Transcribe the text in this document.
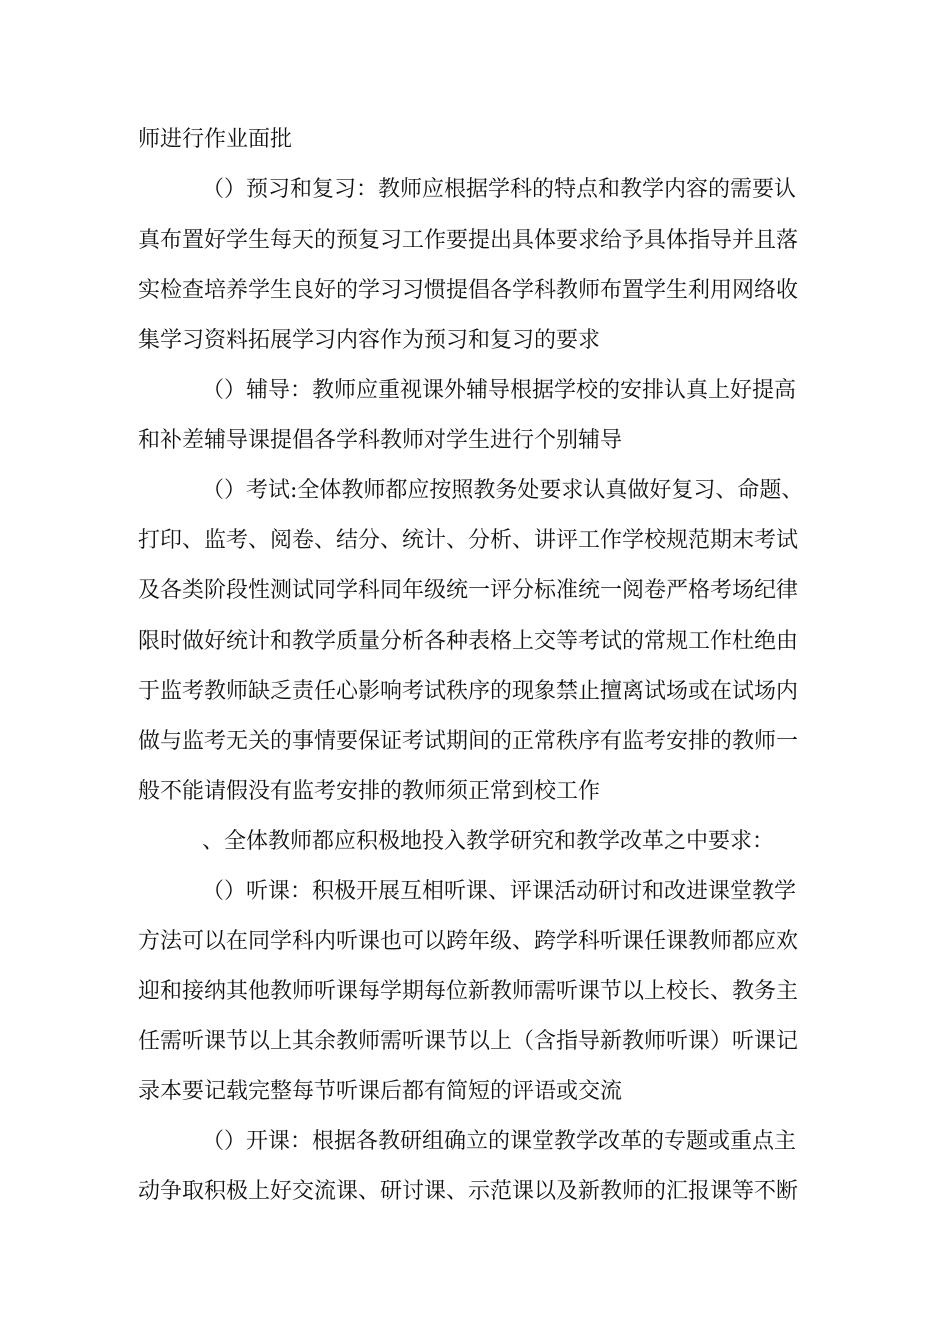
师进行作业面批
（）预习和复习：教师应根据学科的特点和教学内容的需要认
真布置好学生每天的预复习工作要提出具体要求给予具体指导并且落
实检查培养学生良好的学习习惯提倡各学科教师布置学生利用网络收
集学习资料拓展学习内容作为预习和复习的要求
（）辅导：教师应重视课外辅导根据学校的安排认真上好提高
和补差辅导课提倡各学科教师对学生进行个别辅导
（）考试:全体教师都应按照教务处要求认真做好复习、命题、
打印、监考、阅卷、结分、统计、分析、讲评工作学校规范期末考试
及各类阶段性测试同学科同年级统一评分标准统一阅卷严格考场纪律
限时做好统计和教学质量分析各种表格上交等考试的常规工作杜绝由
于监考教师缺乏责任心影响考试秩序的现象禁止擅离试场或在试场内
做与监考无关的事情要保证考试期间的正常秩序有监考安排的教师一
般不能请假没有监考安排的教师须正常到校工作
、全体教师都应积极地投入教学研究和教学改革之中要求：
（）听课：积极开展互相听课、评课活动研讨和改进课堂教学
方法可以在同学科内听课也可以跨年级、跨学科听课任课教师都应欢
迎和接纳其他教师听课每学期每位新教师需听课节以上校长、教务主
任需听课节以上其余教师需听课节以上（含指导新教师听课）听课记
录本要记载完整每节听课后都有简短的评语或交流
（）开课：根据各教研组确立的课堂教学改革的专题或重点主
动争取积极上好交流课、研讨课、示范课以及新教师的汇报课等不断
